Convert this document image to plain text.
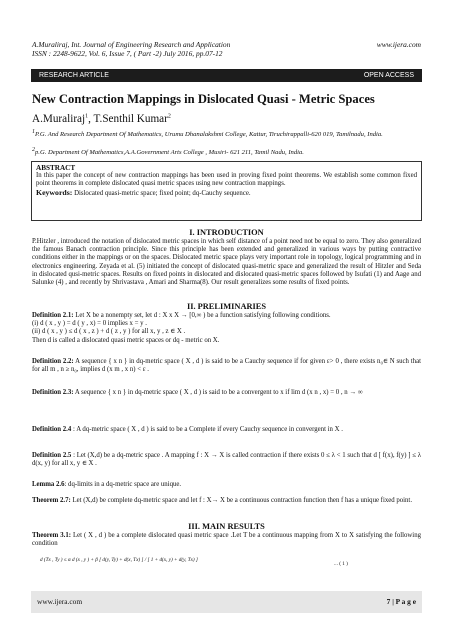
A.Muraliraj, Int. Journal of Engineering Research and Application	www.ijera.com
ISSN : 2248-9622, Vol. 6, Issue 7, ( Part -2) July 2016, pp.07-12
RESEARCH ARTICLE	OPEN ACCESS
New Contraction Mappings in Dislocated Quasi - Metric Spaces
A.Muraliraj$^1$, T.Senthil Kumar$^2$
$^1$P.G. And Research Department Of Mathematics, Urumu Dhanalakshmi College, Kattur, Tiruchirappalli-620 019, Tamilnadu, India.
$^2$p.G. Department Of Mathematics,A.A.Government Arts College , Musiri- 621 211, Tamil Nadu, India.
ABSTRACT
In this paper the concept of new contraction mappings has been used in proving fixed point theorems. We establish some common fixed point theorems in complete dislocated quasi metric spaces using new contraction mappings.
Keywords: Dislocated quasi-metric space; fixed point; dq-Cauchy sequence.
I. INTRODUCTION
P.Hitzler , introduced the notation of dislocated metric spaces in which self distance of a point need not be equal to zero. They also generalized the famous Banach contraction principle. Since this principle has been extended and generalized in various ways by putting contractive conditions either in the mappings or on the spaces. Dislocated metric space plays very important role in topology, logical programming and in electronics engineering. Zeyada et al. (5) initiated the concept of dislocated quasi-metric space and generalized the result of Hitzler and Seda in dislocated qusi-metric spaces. Results on fixed points in dislocated and dislocated quasi-metric spaces followed by Isufati (1) and Aage and Salunke (4) , and recently by Shrivastava , Amari and Sharma(8). Our result generalizes some results of fixed points.
II. PRELIMINARIES
Definition 2.1: Let X be a nonempty set, let d : X x X → [0,∞ ) be a function satisfying following conditions.
(i) d ( x , y ) = d ( y , x) = 0 implies x = y .
(ii) d ( x , y ) ≤ d ( x , z ) + d ( z , y ) for all x, y , z ∈ X .
Then d is called a dislocated quasi metric spaces or dq - metric on X.
Definition 2.2: A sequence { x n } in dq-metric space ( X , d ) is said to be a Cauchy sequence if for given ε> 0 , there exists n₀∈ N such that for all m , n ≥ n₀, implies d (x m , x n) < ε .
Definition 2.3: A sequence { x n } in dq-metric space ( X , d ) is said to be a convergent to x if lim d (x n , x) = 0 , n → ∞
Definition 2.4 : A dq-metric space ( X , d ) is said to be a Complete if every Cauchy sequence in convergent in X .
Definition 2.5 : Let (X,d) be a dq-metric space . A mapping f : X → X is called contraction if there exists 0 ≤ λ < 1 such that d [ f(x), f(y) ] ≤ λ d(x, y) for all x, y ∈ X .
Lemma 2.6: dq-limits in a dq-metric space are unique.
Theorem 2.7: Let (X,d) be complete dq-metric space and let f : X→ X be a continuous contraction function then f has a unique fixed point.
III. MAIN RESULTS
Theorem 3.1: Let ( X , d ) be a complete dislocated quasi metric space .Let T be a continuous mapping from X to X satisfying the following condition
d (Tx , Ty ) ≤ α d (x , y ) + β [ d(y, Ty) + d(x, Tx) ] / [ 1 + d(x, y) + d(y, Tx) ]
... ( 1 )
www.ijera.com	7 | P a g e
